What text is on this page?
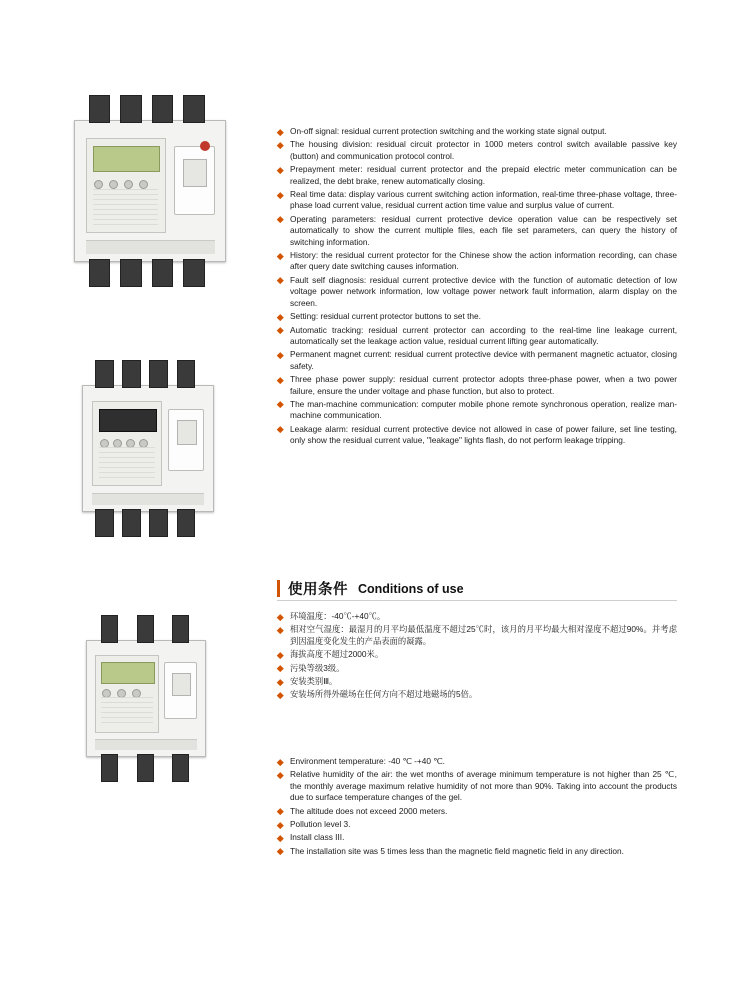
On-off signal: residual current protection switching and the working state signal output.
The housing division: residual circuit protector in 1000 meters control switch available passive key (button) and communication protocol control.
Prepayment meter: residual current protector and the prepaid electric meter communication can be realized, the debt brake, renew automatically closing.
Real time data: display various current switching action information, real-time three-phase voltage, three-phase load current value, residual current action time value and surplus value of current.
Operating parameters: residual current protective device operation value can be respectively set automatically to show the current multiple files, each file set parameters, can query the history of switching information.
History: the residual current protector for the Chinese show the action information recording, can chase after query date switching causes information.
Fault self diagnosis: residual current protective device with the function of automatic detection of low voltage power network information, low voltage power network fault information, alarm display on the screen.
Setting: residual current protector buttons to set the.
Automatic tracking: residual current protector can according to the real-time line leakage current, automatically set the leakage action value, residual current lifting gear automatically.
Permanent magnet current: residual current protective device with permanent magnetic actuator, closing safety.
Three phase power supply: residual current protector adopts three-phase power, when a two power failure, ensure the under voltage and phase function, but also to protect.
The man-machine communication: computer mobile phone remote synchronous operation, realize man-machine communication.
Leakage alarm: residual current protective device not allowed in case of power failure, set line testing, only show the residual current value, "leakage" lights flash, do not perform leakage tripping.
使用条件 Conditions of use
环境温度：-40℃-+40℃。
相对空气湿度：最湿月的月平均最低温度不超过25℃时，该月的月平均最大相对湿度不超过90%。并考虑到因温度变化发生的产品表面的凝露。
海拔高度不超过2000米。
污染等级3级。
安装类别Ⅲ。
安装场所得外磁场在任何方向不超过地磁场的5倍。
Environment temperature: -40 ℃ -+40 ℃.
Relative humidity of the air: the wet months of average minimum temperature is not higher than 25 ℃, the monthly average maximum relative humidity of not more than 90%. Taking into account the products due to surface temperature changes of the gel.
The altitude does not exceed 2000 meters.
Pollution level 3.
Install class III.
The installation site was 5 times less than the magnetic field magnetic field in any direction.
